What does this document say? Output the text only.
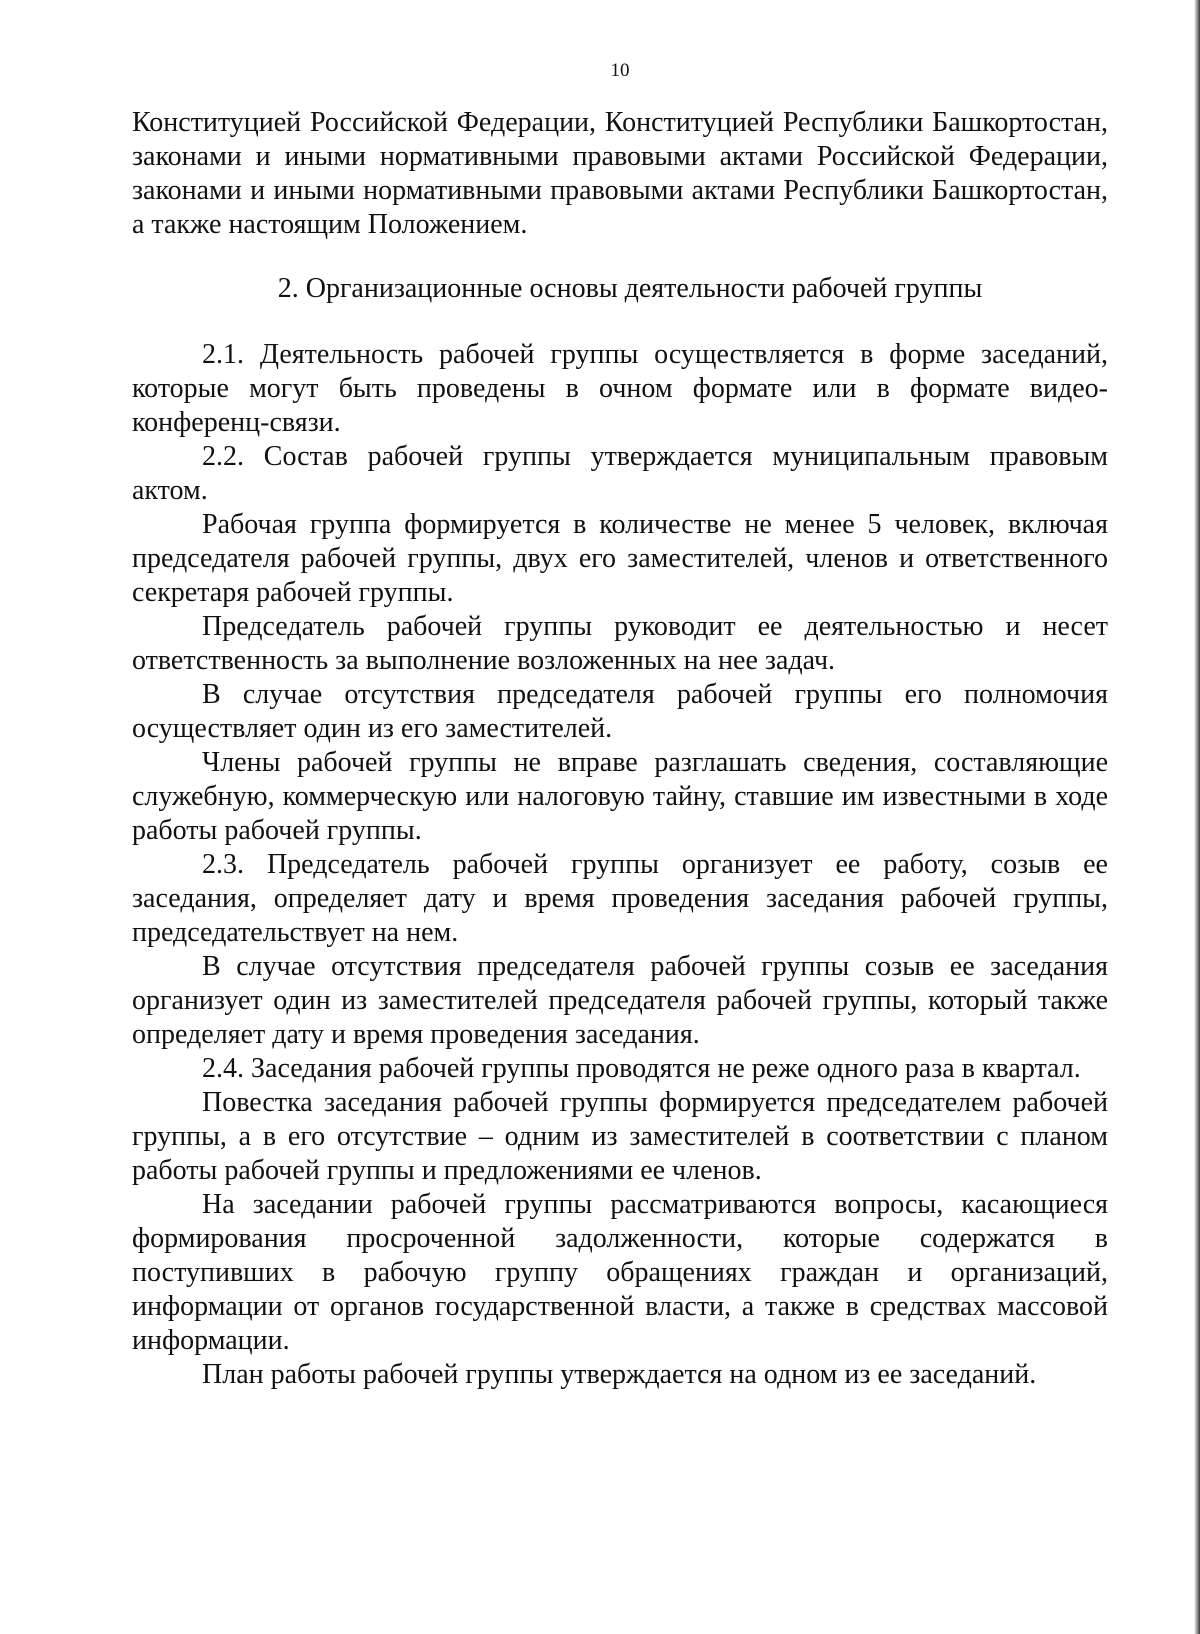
10

Конституцией Российской Федерации, Конституцией Республики Башкортостан, законами и иными нормативными правовыми актами Российской Федерации, законами и иными нормативными правовыми актами Республики Башкортостан, а также настоящим Положением.

2. Организационные основы деятельности рабочей группы

2.1. Деятельность рабочей группы осуществляется в форме заседаний, которые могут быть проведены в очном формате или в формате видео-конференц-связи.

2.2. Состав рабочей группы утверждается муниципальным правовым актом.

Рабочая группа формируется в количестве не менее 5 человек, включая председателя рабочей группы, двух его заместителей, членов и ответственного секретаря рабочей группы.

Председатель рабочей группы руководит ее деятельностью и несет ответственность за выполнение возложенных на нее задач.

В случае отсутствия председателя рабочей группы его полномочия осуществляет один из его заместителей.

Члены рабочей группы не вправе разглашать сведения, составляющие служебную, коммерческую или налоговую тайну, ставшие им известными в ходе работы рабочей группы.

2.3. Председатель рабочей группы организует ее работу, созыв ее заседания, определяет дату и время проведения заседания рабочей группы, председательствует на нем.

В случае отсутствия председателя рабочей группы созыв ее заседания организует один из заместителей председателя рабочей группы, который также определяет дату и время проведения заседания.

2.4. Заседания рабочей группы проводятся не реже одного раза в квартал.

Повестка заседания рабочей группы формируется председателем рабочей группы, а в его отсутствие – одним из заместителей в соответствии с планом работы рабочей группы и предложениями ее членов.

На заседании рабочей группы рассматриваются вопросы, касающиеся формирования просроченной задолженности, которые содержатся в поступивших в рабочую группу обращениях граждан и организаций, информации от органов государственной власти, а также в средствах массовой информации.

План работы рабочей группы утверждается на одном из ее заседаний.
